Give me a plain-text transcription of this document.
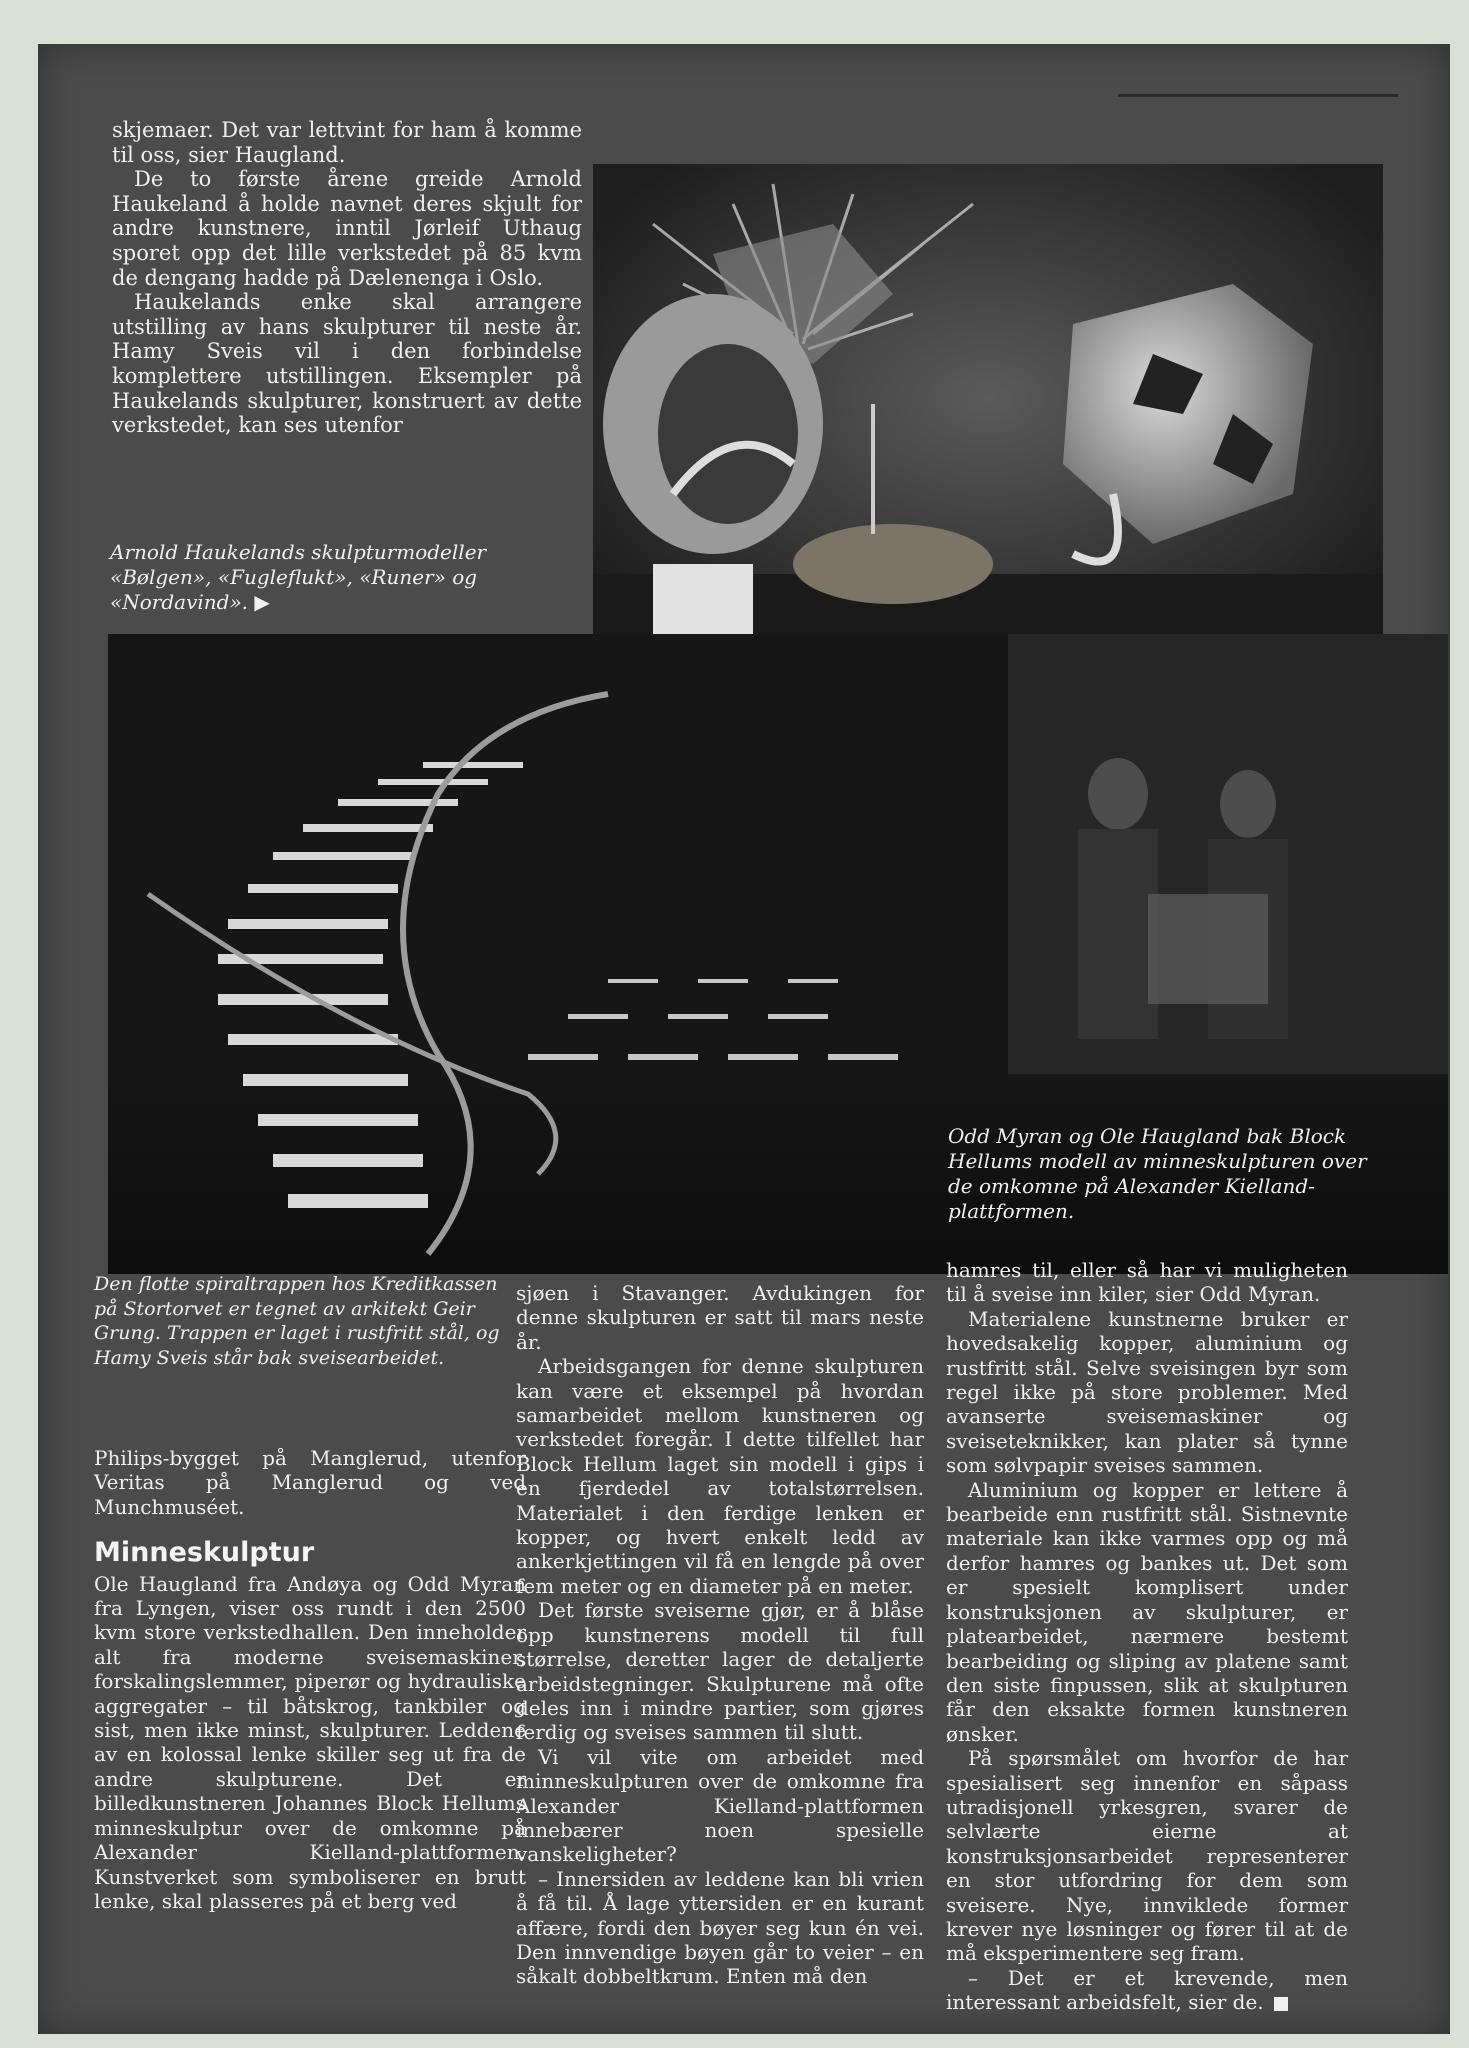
skjemaer. Det var lettvint for ham å komme til oss, sier Haugland.

De to første årene greide Arnold Haukeland å holde navnet deres skjult for andre kunstnere, inntil Jørleif Uthaug sporet opp det lille verkstedet på 85 kvm de dengang hadde på Dælenenga i Oslo.

Haukelands enke skal arrangere utstilling av hans skulpturer til neste år. Hamy Sveis vil i den forbindelse komplettere utstillingen. Eksempler på Haukelands skulpturer, konstruert av dette verkstedet, kan ses utenfor

Arnold Haukelands skulpturmodeller «Bølgen», «Fugleflukt», «Runer» og «Nordavind». ▶

Odd Myran og Ole Haugland bak Block Hellums modell av minneskulpturen over de omkomne på Alexander Kielland-plattformen.

Den flotte spiraltrappen hos Kreditkassen på Stortorvet er tegnet av arkitekt Geir Grung. Trappen er laget i rustfritt stål, og Hamy Sveis står bak sveisearbeidet.

Philips-bygget på Manglerud, utenfor Veritas på Manglerud og ved Munchmuséet.

Minneskulptur

Ole Haugland fra Andøya og Odd Myran fra Lyngen, viser oss rundt i den 2500 kvm store verkstedhallen. Den inneholder alt fra moderne sveisemaskiner, forskalingslemmer, piperør og hydrauliske aggregater – til båtskrog, tankbiler og sist, men ikke minst, skulpturer. Leddene av en kolossal lenke skiller seg ut fra de andre skulpturene. Det er billedkunstneren Johannes Block Hellums minneskulptur over de omkomne på Alexander Kielland-plattformen. Kunstverket som symboliserer en brutt lenke, skal plasseres på et berg ved

sjøen i Stavanger. Avdukingen for denne skulpturen er satt til mars neste år.

Arbeidsgangen for denne skulpturen kan være et eksempel på hvordan samarbeidet mellom kunstneren og verkstedet foregår. I dette tilfellet har Block Hellum laget sin modell i gips i en fjerdedel av totalstørrelsen. Materialet i den ferdige lenken er kopper, og hvert enkelt ledd av ankerkjettingen vil få en lengde på over fem meter og en diameter på en meter.

Det første sveiserne gjør, er å blåse opp kunstnerens modell til full størrelse, deretter lager de detaljerte arbeidstegninger. Skulpturene må ofte deles inn i mindre partier, som gjøres ferdig og sveises sammen til slutt.

Vi vil vite om arbeidet med minneskulpturen over de omkomne fra Alexander Kielland-plattformen innebærer noen spesielle vanskeligheter?

– Innersiden av leddene kan bli vrien å få til. Å lage yttersiden er en kurant affære, fordi den bøyer seg kun én vei. Den innvendige bøyen går to veier – en såkalt dobbeltkrum. Enten må den

hamres til, eller så har vi muligheten til å sveise inn kiler, sier Odd Myran.

Materialene kunstnerne bruker er hovedsakelig kopper, aluminium og rustfritt stål. Selve sveisingen byr som regel ikke på store problemer. Med avanserte sveisemaskiner og sveiseteknikker, kan plater så tynne som sølvpapir sveises sammen.

Aluminium og kopper er lettere å bearbeide enn rustfritt stål. Sistnevnte materiale kan ikke varmes opp og må derfor hamres og bankes ut. Det som er spesielt komplisert under konstruksjonen av skulpturer, er platearbeidet, nærmere bestemt bearbeiding og sliping av platene samt den siste finpussen, slik at skulpturen får den eksakte formen kunstneren ønsker.

På spørsmålet om hvorfor de har spesialisert seg innenfor en såpass utradisjonell yrkesgren, svarer de selvlærte eierne at konstruksjonsarbeidet representerer en stor utfordring for dem som sveisere. Nye, innviklede former krever nye løsninger og fører til at de må eksperimentere seg fram.

– Det er et krevende, men interessant arbeidsfelt, sier de.
